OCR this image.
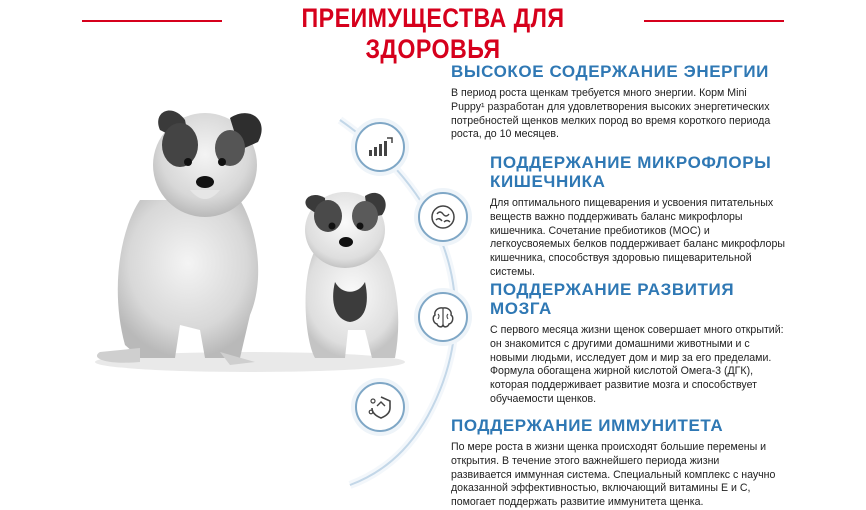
ПРЕИМУЩЕСТВА ДЛЯ ЗДОРОВЬЯ

ВЫСОКОЕ СОДЕРЖАНИЕ ЭНЕРГИИ

В период роста щенкам требуется много энергии. Корм Mini Puppy¹ разработан для удовлетворения высоких энергетических потребностей щенков мелких пород во время короткого периода роста, до 10 месяцев.

ПОДДЕРЖАНИЕ МИКРОФЛОРЫ
КИШЕЧНИКА

Для оптимального пищеварения и усвоения питательных веществ важно поддерживать баланс микрофлоры кишечника. Сочетание пребиотиков (МОС) и легкоусвояемых белков поддерживает баланс микрофлоры кишечника, способствуя здоровью пищеварительной системы.

ПОДДЕРЖАНИЕ РАЗВИТИЯ
МОЗГА

С первого месяца жизни щенок совершает много открытий: он знакомится с другими домашними животными и с новыми людьми, исследует дом и мир за его пределами. Формула обогащена жирной кислотой Омега-3 (ДГК), которая поддерживает развитие мозга и способствует обучаемости щенков.

ПОДДЕРЖАНИЕ ИММУНИТЕТА

По мере роста в жизни щенка происходят большие перемены и открытия. В течение этого важнейшего периода жизни развивается иммунная система. Специальный комплекс с научно доказанной эффективностью, включающий витамины Е и С, помогает поддержать развитие иммунитета щенка.
